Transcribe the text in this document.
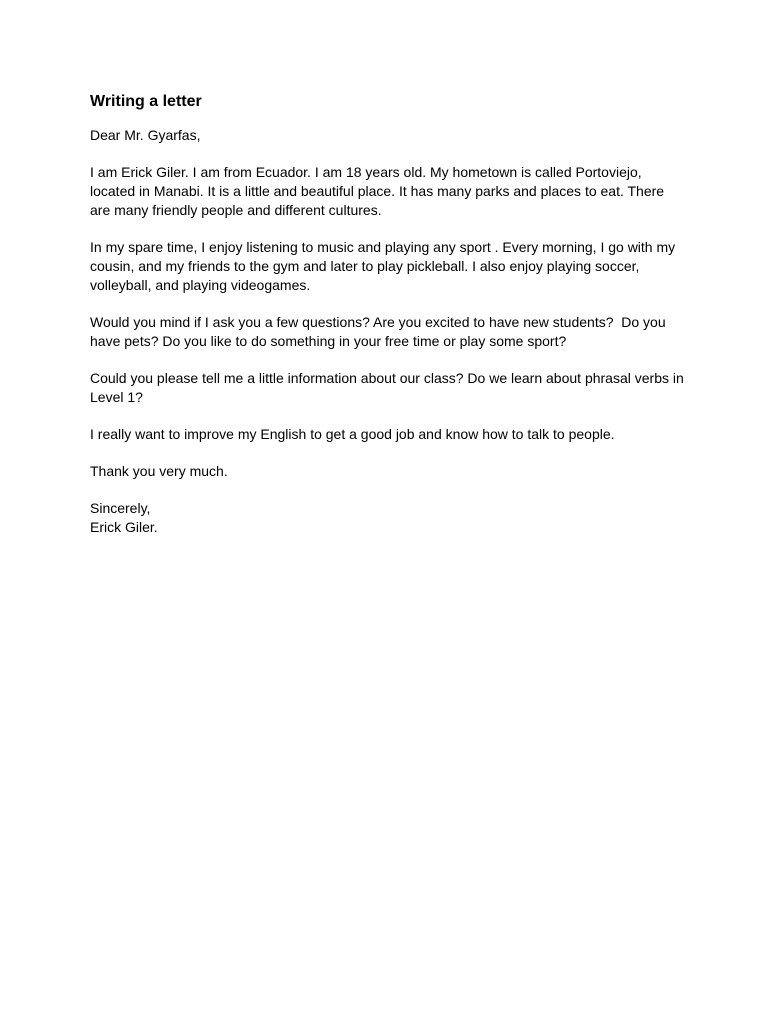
Writing a letter

Dear Mr. Gyarfas,

I am Erick Giler. I am from Ecuador. I am 18 years old. My hometown is called Portoviejo, located in Manabi. It is a little and beautiful place. It has many parks and places to eat. There are many friendly people and different cultures.

In my spare time, I enjoy listening to music and playing any sport . Every morning, I go with my cousin, and my friends to the gym and later to play pickleball. I also enjoy playing soccer, volleyball, and playing videogames.

Would you mind if I ask you a few questions? Are you excited to have new students?  Do you have pets? Do you like to do something in your free time or play some sport?

Could you please tell me a little information about our class? Do we learn about phrasal verbs in Level 1?

I really want to improve my English to get a good job and know how to talk to people.

Thank you very much.

Sincerely,

Erick Giler.
